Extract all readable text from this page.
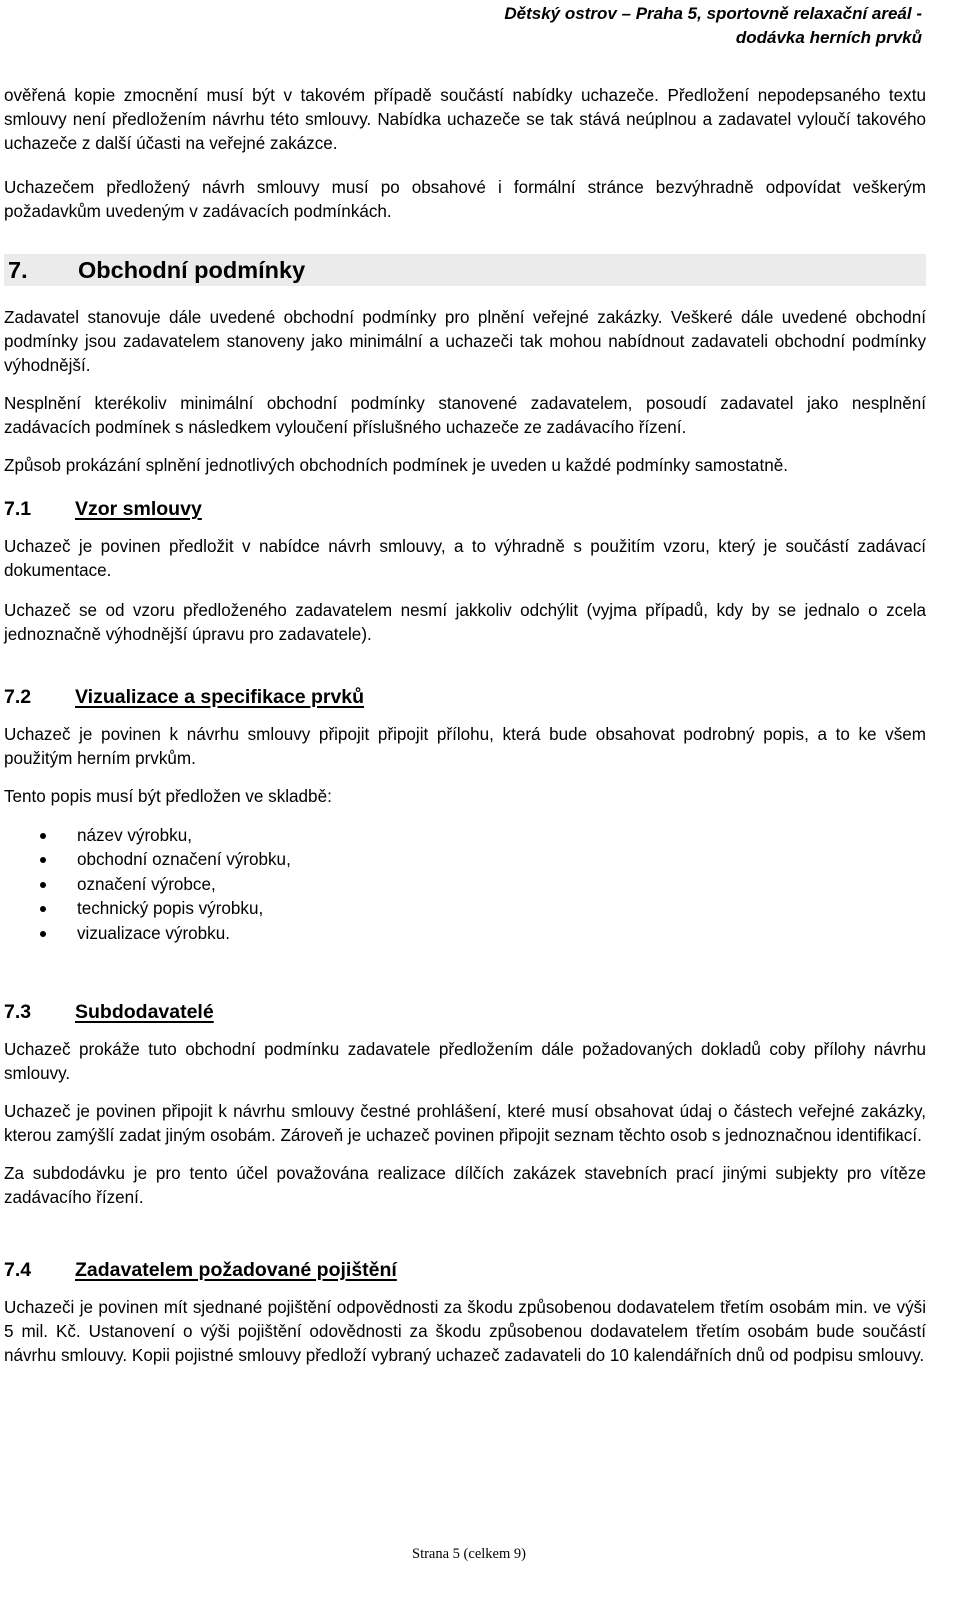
Dětský ostrov – Praha 5, sportovně relaxační areál -
dodávka herních prvků

ověřená kopie zmocnění musí být v takovém případě součástí nabídky uchazeče. Předložení nepodepsaného textu smlouvy není předložením návrhu této smlouvy. Nabídka uchazeče se tak stává neúplnou a zadavatel vyloučí takového uchazeče z další účasti na veřejné zakázce.

Uchazečem předložený návrh smlouvy musí po obsahové i formální stránce bezvýhradně odpovídat veškerým požadavkům uvedeným v zadávacích podmínkách.

7.	Obchodní podmínky

Zadavatel stanovuje dále uvedené obchodní podmínky pro plnění veřejné zakázky. Veškeré dále uvedené obchodní podmínky jsou zadavatelem stanoveny jako minimální a uchazeči tak mohou nabídnout zadavateli obchodní podmínky výhodnější.

Nesplnění kterékoliv minimální obchodní podmínky stanovené zadavatelem, posoudí zadavatel jako nesplnění zadávacích podmínek s následkem vyloučení příslušného uchazeče ze zadávacího řízení.

Způsob prokázání splnění jednotlivých obchodních podmínek je uveden u každé podmínky samostatně.

7.1	Vzor smlouvy

Uchazeč je povinen předložit v nabídce návrh smlouvy, a to výhradně s použitím vzoru, který je součástí zadávací dokumentace.

Uchazeč se od vzoru předloženého zadavatelem nesmí jakkoliv odchýlit (vyjma případů, kdy by se jednalo o zcela jednoznačně výhodnější úpravu pro zadavatele).

7.2	Vizualizace a specifikace prvků

Uchazeč je povinen k návrhu smlouvy připojit připojit přílohu, která bude obsahovat podrobný popis, a to ke všem použitým herním prvkům.

Tento popis musí být předložen ve skladbě:

název výrobku,
obchodní označení výrobku,
označení výrobce,
technický popis výrobku,
vizualizace výrobku.
7.3	Subdodavatelé

Uchazeč prokáže tuto obchodní podmínku zadavatele předložením dále požadovaných dokladů coby přílohy návrhu smlouvy.

Uchazeč je povinen připojit k návrhu smlouvy čestné prohlášení, které musí obsahovat údaj o částech veřejné zakázky, kterou zamýšlí zadat jiným osobám. Zároveň je uchazeč povinen připojit seznam těchto osob s jednoznačnou identifikací.

Za subdodávku je pro tento účel považována realizace dílčích zakázek stavebních prací jinými subjekty pro vítěze zadávacího řízení.

7.4	Zadavatelem požadované pojištění

Uchazeči je povinen mít sjednané pojištění odpovědnosti za škodu způsobenou dodavatelem třetím osobám min. ve výši 5 mil. Kč. Ustanovení o výši pojištění odovědnosti za škodu způsobenou dodavatelem třetím osobám bude součástí návrhu smlouvy. Kopii pojistné smlouvy předloží vybraný uchazeč zadavateli do 10 kalendářních dnů od podpisu smlouvy.

Strana 5 (celkem 9)
